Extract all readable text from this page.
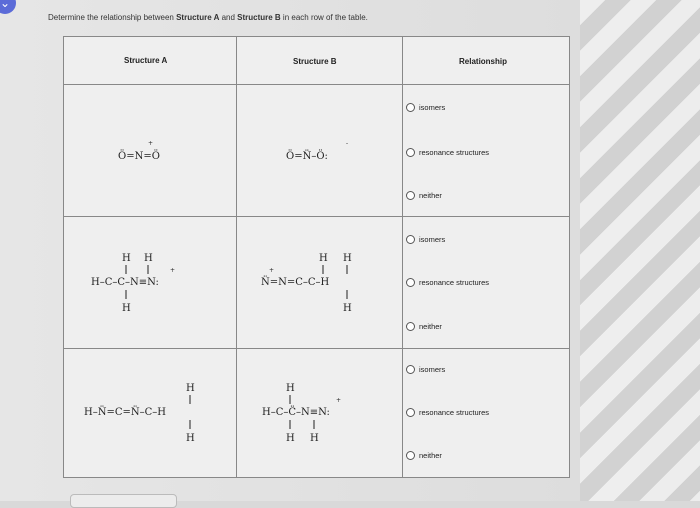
⌄
Determine the relationship between Structure A and Structure B in each row of the table.
Structure A	Structure B	Relationship
+
Ö=N=Ö
-
Ö=N̈–Ö:
H H
+
H–C–C–N≡N:
H
H H
+
N̈=N=C–C–H
H
H
H–N̈=C=N̈–C–H
H
H
+
H–C–C̈–N≡N:
H H
isomers
resonance structures
neither
isomers
resonance structures
neither
isomers
resonance structures
neither
